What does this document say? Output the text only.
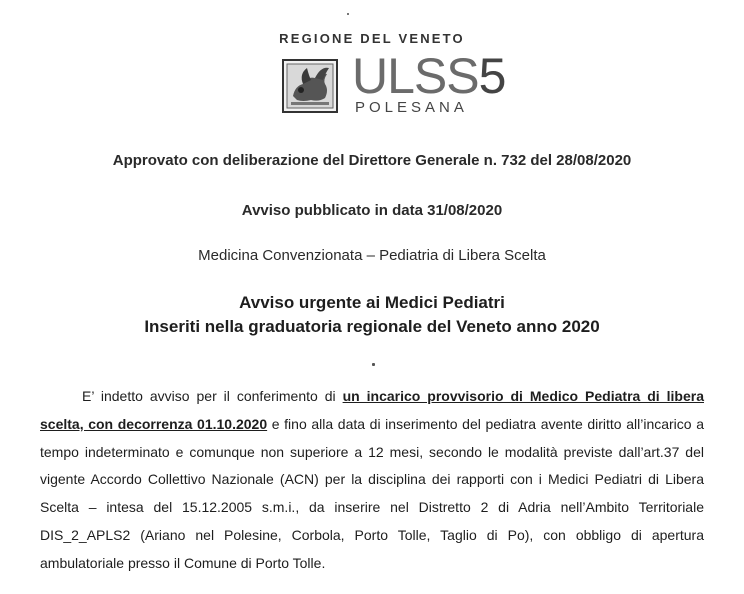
REGIONE DEL VENETO
ULSS5
POLESANA
Approvato con deliberazione del Direttore Generale n. 732 del 28/08/2020
Avviso pubblicato in data 31/08/2020
Medicina Convenzionata – Pediatria di Libera Scelta
Avviso urgente ai Medici Pediatri
Inseriti nella graduatoria regionale del Veneto anno 2020

E’ indetto avviso per il conferimento di un incarico provvisorio di Medico Pediatra di libera scelta, con decorrenza 01.10.2020 e fino alla data di inserimento del pediatra avente diritto all’incarico a tempo indeterminato e comunque non superiore a 12 mesi, secondo le modalità previste dall’art.37 del vigente Accordo Collettivo Nazionale (ACN) per la disciplina dei rapporti con i Medici Pediatri di Libera Scelta – intesa del 15.12.2005 s.m.i., da inserire nel Distretto 2 di Adria nell’Ambito Territoriale DIS_2_APLS2 (Ariano nel Polesine, Corbola, Porto Tolle, Taglio di Po), con obbligo di apertura ambulatoriale presso il Comune di Porto Tolle.
